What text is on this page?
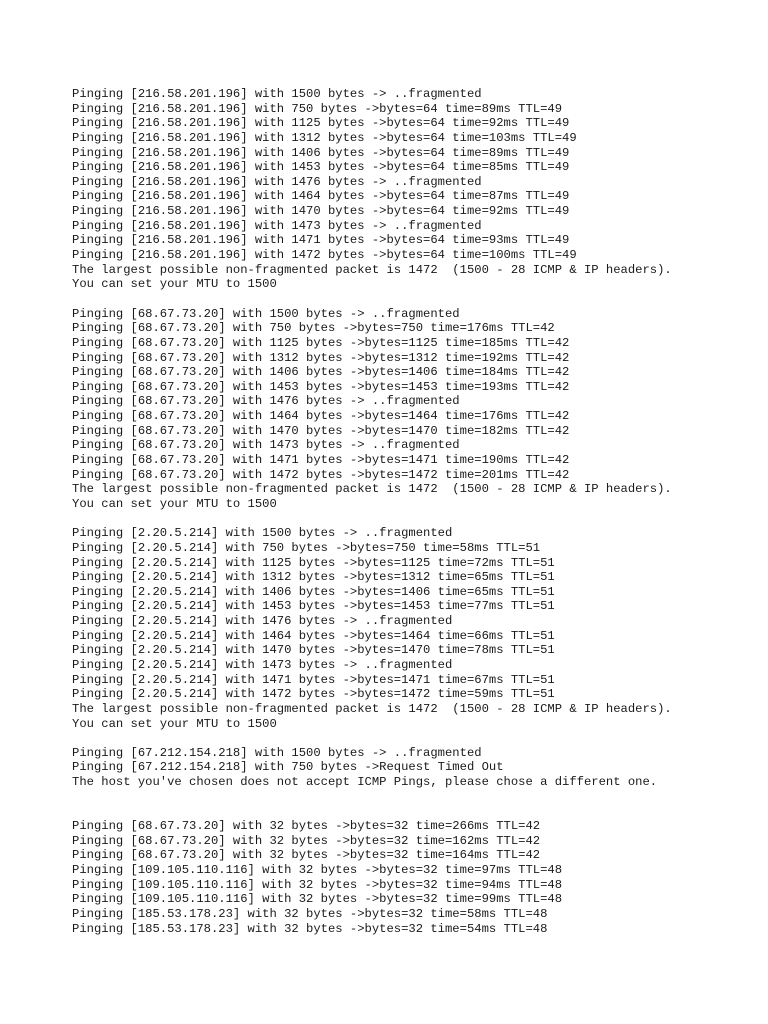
Pinging [216.58.201.196] with 1500 bytes -> ..fragmented
Pinging [216.58.201.196] with 750 bytes ->bytes=64 time=89ms TTL=49
Pinging [216.58.201.196] with 1125 bytes ->bytes=64 time=92ms TTL=49
Pinging [216.58.201.196] with 1312 bytes ->bytes=64 time=103ms TTL=49
Pinging [216.58.201.196] with 1406 bytes ->bytes=64 time=89ms TTL=49
Pinging [216.58.201.196] with 1453 bytes ->bytes=64 time=85ms TTL=49
Pinging [216.58.201.196] with 1476 bytes -> ..fragmented
Pinging [216.58.201.196] with 1464 bytes ->bytes=64 time=87ms TTL=49
Pinging [216.58.201.196] with 1470 bytes ->bytes=64 time=92ms TTL=49
Pinging [216.58.201.196] with 1473 bytes -> ..fragmented
Pinging [216.58.201.196] with 1471 bytes ->bytes=64 time=93ms TTL=49
Pinging [216.58.201.196] with 1472 bytes ->bytes=64 time=100ms TTL=49
The largest possible non-fragmented packet is 1472  (1500 - 28 ICMP & IP headers).
You can set your MTU to 1500
Pinging [68.67.73.20] with 1500 bytes -> ..fragmented
Pinging [68.67.73.20] with 750 bytes ->bytes=750 time=176ms TTL=42
Pinging [68.67.73.20] with 1125 bytes ->bytes=1125 time=185ms TTL=42
Pinging [68.67.73.20] with 1312 bytes ->bytes=1312 time=192ms TTL=42
Pinging [68.67.73.20] with 1406 bytes ->bytes=1406 time=184ms TTL=42
Pinging [68.67.73.20] with 1453 bytes ->bytes=1453 time=193ms TTL=42
Pinging [68.67.73.20] with 1476 bytes -> ..fragmented
Pinging [68.67.73.20] with 1464 bytes ->bytes=1464 time=176ms TTL=42
Pinging [68.67.73.20] with 1470 bytes ->bytes=1470 time=182ms TTL=42
Pinging [68.67.73.20] with 1473 bytes -> ..fragmented
Pinging [68.67.73.20] with 1471 bytes ->bytes=1471 time=190ms TTL=42
Pinging [68.67.73.20] with 1472 bytes ->bytes=1472 time=201ms TTL=42
The largest possible non-fragmented packet is 1472  (1500 - 28 ICMP & IP headers).
You can set your MTU to 1500
Pinging [2.20.5.214] with 1500 bytes -> ..fragmented
Pinging [2.20.5.214] with 750 bytes ->bytes=750 time=58ms TTL=51
Pinging [2.20.5.214] with 1125 bytes ->bytes=1125 time=72ms TTL=51
Pinging [2.20.5.214] with 1312 bytes ->bytes=1312 time=65ms TTL=51
Pinging [2.20.5.214] with 1406 bytes ->bytes=1406 time=65ms TTL=51
Pinging [2.20.5.214] with 1453 bytes ->bytes=1453 time=77ms TTL=51
Pinging [2.20.5.214] with 1476 bytes -> ..fragmented
Pinging [2.20.5.214] with 1464 bytes ->bytes=1464 time=66ms TTL=51
Pinging [2.20.5.214] with 1470 bytes ->bytes=1470 time=78ms TTL=51
Pinging [2.20.5.214] with 1473 bytes -> ..fragmented
Pinging [2.20.5.214] with 1471 bytes ->bytes=1471 time=67ms TTL=51
Pinging [2.20.5.214] with 1472 bytes ->bytes=1472 time=59ms TTL=51
The largest possible non-fragmented packet is 1472  (1500 - 28 ICMP & IP headers).
You can set your MTU to 1500
Pinging [67.212.154.218] with 1500 bytes -> ..fragmented
Pinging [67.212.154.218] with 750 bytes ->Request Timed Out
The host you've chosen does not accept ICMP Pings, please chose a different one.
Pinging [68.67.73.20] with 32 bytes ->bytes=32 time=266ms TTL=42
Pinging [68.67.73.20] with 32 bytes ->bytes=32 time=162ms TTL=42
Pinging [68.67.73.20] with 32 bytes ->bytes=32 time=164ms TTL=42
Pinging [109.105.110.116] with 32 bytes ->bytes=32 time=97ms TTL=48
Pinging [109.105.110.116] with 32 bytes ->bytes=32 time=94ms TTL=48
Pinging [109.105.110.116] with 32 bytes ->bytes=32 time=99ms TTL=48
Pinging [185.53.178.23] with 32 bytes ->bytes=32 time=58ms TTL=48
Pinging [185.53.178.23] with 32 bytes ->bytes=32 time=54ms TTL=48
